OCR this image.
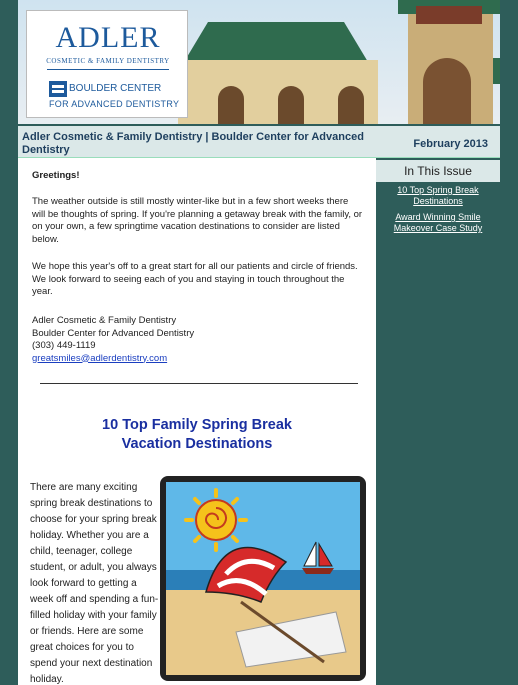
ADLER
COSMETIC & FAMILY DENTISTRY
BOULDER CENTER
FOR ADVANCED DENTISTRY
Adler Cosmetic & Family Dentistry | Boulder Center for Advanced Dentistry	February 2013
Greetings!
The weather outside is still mostly winter-like but in a few short weeks there will be thoughts of spring. If you're planning a getaway break with the family, or on your own, a few springtime vacation destinations to consider are listed below.
We hope this year's off to a great start for all our patients and circle of friends. We look forward to seeing each of you and staying in touch throughout the year.
Adler Cosmetic & Family Dentistry
Boulder Center for Advanced Dentistry
(303) 449-1119
greatsmiles@adlerdentistry.com
10 Top Family Spring Break
Vacation Destinations
There are many exciting spring break destinations to choose for your spring break holiday. Whether you are a child, teenager, college student, or adult, you always look forward to getting a week off and spending a fun-filled holiday with your family or friends. Here are some great choices for you to spend your next destination holiday.
In This Issue
10 Top Spring Break Destinations
Award Winning Smile Makeover Case Study
